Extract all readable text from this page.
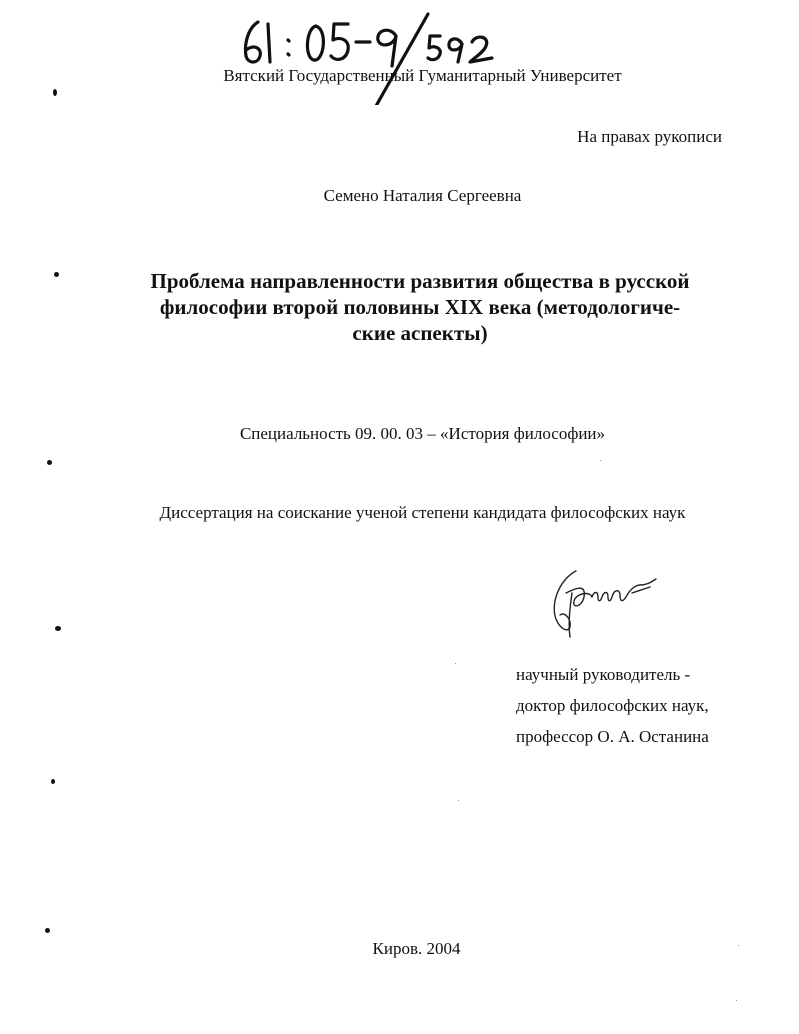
Вятский Государственный Гуманитарный Университет
На правах рукописи
Семено Наталия Сергеевна
Проблема направленности развития общества в русской
философии второй половины XIX века (методологиче-
ские аспекты)
Специальность 09. 00. 03 – «История философии»
Диссертация на соискание ученой степени кандидата философских наук
научный руководитель -
доктор философских наук,
профессор О. А. Останина
Киров. 2004
